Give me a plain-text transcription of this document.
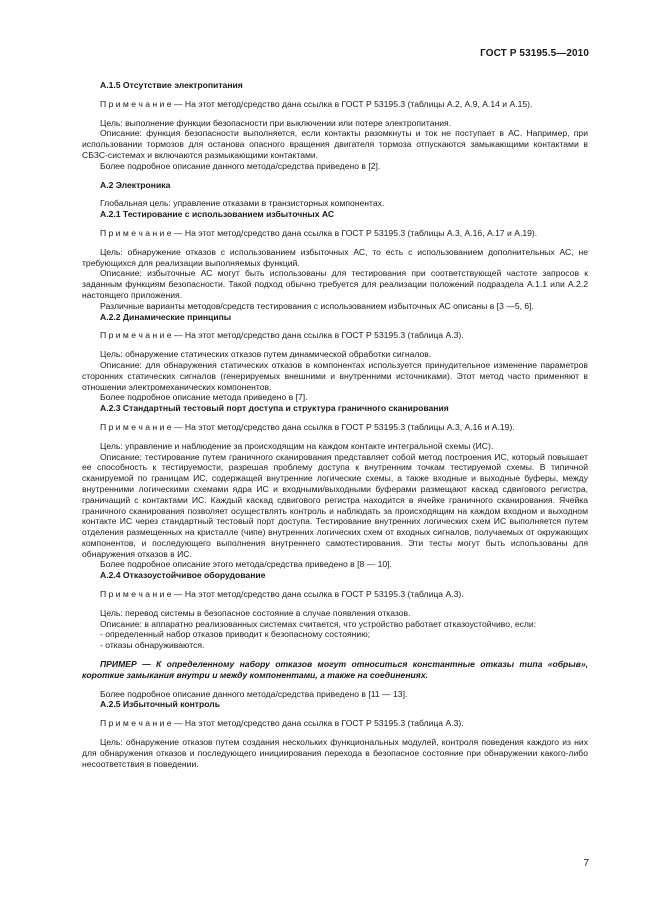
ГОСТ Р 53195.5—2010

А.1.5 Отсутствие электропитания

П р и м е ч а н и е — На этот метод/средство дана ссылка в ГОСТ Р 53195.3 (таблицы А.2, А.9, А.14 и А.15).

Цель: выполнение функции безопасности при выключении или потере электропитания.

Описание: функция безопасности выполняется, если контакты разомкнуты и ток не поступает в АС. Например, при использовании тормозов для останова опасного вращения двигателя тормоза отпускаются замыкающими контактами в СБЗС-системах и включаются размыкающими контактами.

Более подробное описание данного метода/средства приведено в [2].

А.2 Электроника

Глобальная цель: управление отказами в транзисторных компонентах.

А.2.1 Тестирование с использованием избыточных АС

П р и м е ч а н и е — На этот метод/средство дана ссылка в ГОСТ Р 53195.3 (таблицы А.3, А.16, А.17 и А.19).

Цель: обнаружение отказов с использованием избыточных АС, то есть с использованием дополнительных АС, не требующихся для реализации выполняемых функций.

Описание: избыточные АС могут быть использованы для тестирования при соответствующей частоте запросов к заданным функциям безопасности. Такой подход обычно требуется для реализации положений подраздела А.1.1 или А.2.2 настоящего приложения.

Различные варианты методов/средств тестирования с использованием избыточных АС описаны в [3 —5, 6].

А.2.2 Динамические принципы

П р и м е ч а н и е — На этот метод/средство дана ссылка в ГОСТ Р 53195.3 (таблица А.3).

Цель: обнаружение статических отказов путем динамической обработки сигналов.

Описание: для обнаружения статических отказов в компонентах используется принудительное изменение параметров сторонних статических сигналов (генерируемых внешними и внутренними источниками). Этот метод часто применяют в отношении электромеханических компонентов.

Более подробное описание метода приведено в [7].

А.2.3 Стандартный тестовый порт доступа и структура граничного сканирования

П р и м е ч а н и е — На этот метод/средство дана ссылка в ГОСТ Р 53195.3 (таблицы А.3, А.16 и А.19).

Цель: управление и наблюдение за происходящим на каждом контакте интегральной схемы (ИС).

Описание: тестирование путем граничного сканирования представляет собой метод построения ИС, который повышает ее способность к тестируемости, разрешая проблему доступа к внутренним точкам тестируемой схемы. В типичной сканируемой по границам ИС, содержащей внутренние логические схемы, а также входные и выходные буферы, между внутренними логическими схемами ядра ИС и входными/выходными буферами размещают каскад сдвигового регистра, граничащий с контактами ИС. Каждый каскад сдвигового регистра находится в ячейке граничного сканирования. Ячейка граничного сканирования позволяет осуществлять контроль и наблюдать за происходящим на каждом входном и выходном контакте ИС через стандартный тестовый порт доступа. Тестирование внутренних логических схем ИС выполняется путем отделения размещенных на кристалле (чипе) внутренних логических схем от входных сигналов, получаемых от окружающих компонентов, и последующего выполнения внутреннего самотестирования. Эти тесты могут быть использованы для обнаружения отказов в ИС.

Более подробное описание этого метода/средства приведено в [8 — 10].

А.2.4 Отказоустойчивое оборудование

П р и м е ч а н и е — На этот метод/средство дана ссылка в ГОСТ Р 53195.3 (таблица А.3).

Цель: перевод системы в безопасное состояние в случае появления отказов.

Описание: в аппаратно реализованных системах считается, что устройство работает отказоустойчиво, если:

- определенный набор отказов приводит к безопасному состоянию;

- отказы обнаруживаются.

ПРИМЕР — К определенному набору отказов могут относиться константные отказы типа «обрыв», короткие замыкания внутри и между компонентами, а также на соединениях.

Более подробное описание данного метода/средства приведено в [11 — 13].

А.2.5 Избыточный контроль

П р и м е ч а н и е — На этот метод/средство дана ссылка в ГОСТ Р 53195.3 (таблица А.3).

Цель: обнаружение отказов путем создания нескольких функциональных модулей, контроля поведения каждого из них для обнаружения отказов и последующего инициирования перехода в безопасное состояние при обнаружении какого-либо несоответствия в поведении.

7
